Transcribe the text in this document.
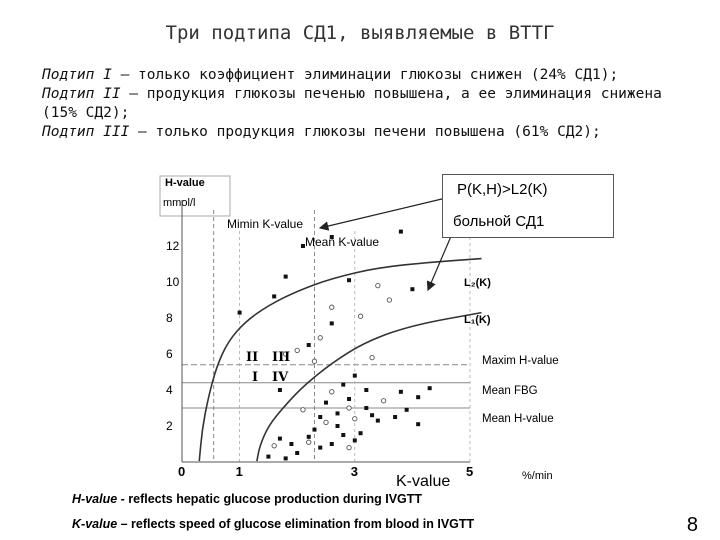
Три подтипа СД1, выявляемые в ВТТГ
Подтип I – только коэффициент элиминации глюкозы снижен (24% СД1);
Подтип II – продукция глюкозы печенью повышена, а ее элиминация снижена (15% СД2);
Подтип III – только продукция глюкозы печени повышена (61% СД2);
H-value
mmol/l
0	1	3	5
2
4
6
8
10
12
Mimin K-value
Mean K-value
Maxim H-value
Mean FBG
Mean H-value
II III
I IV
L₂(K)
L₁(K)
K-value	%/min
P(K,H)>L2(K)
больной СД1
H-value - reflects hepatic glucose production during IVGTT
K-value – reflects speed of glucose elimination from blood in IVGTT	8
